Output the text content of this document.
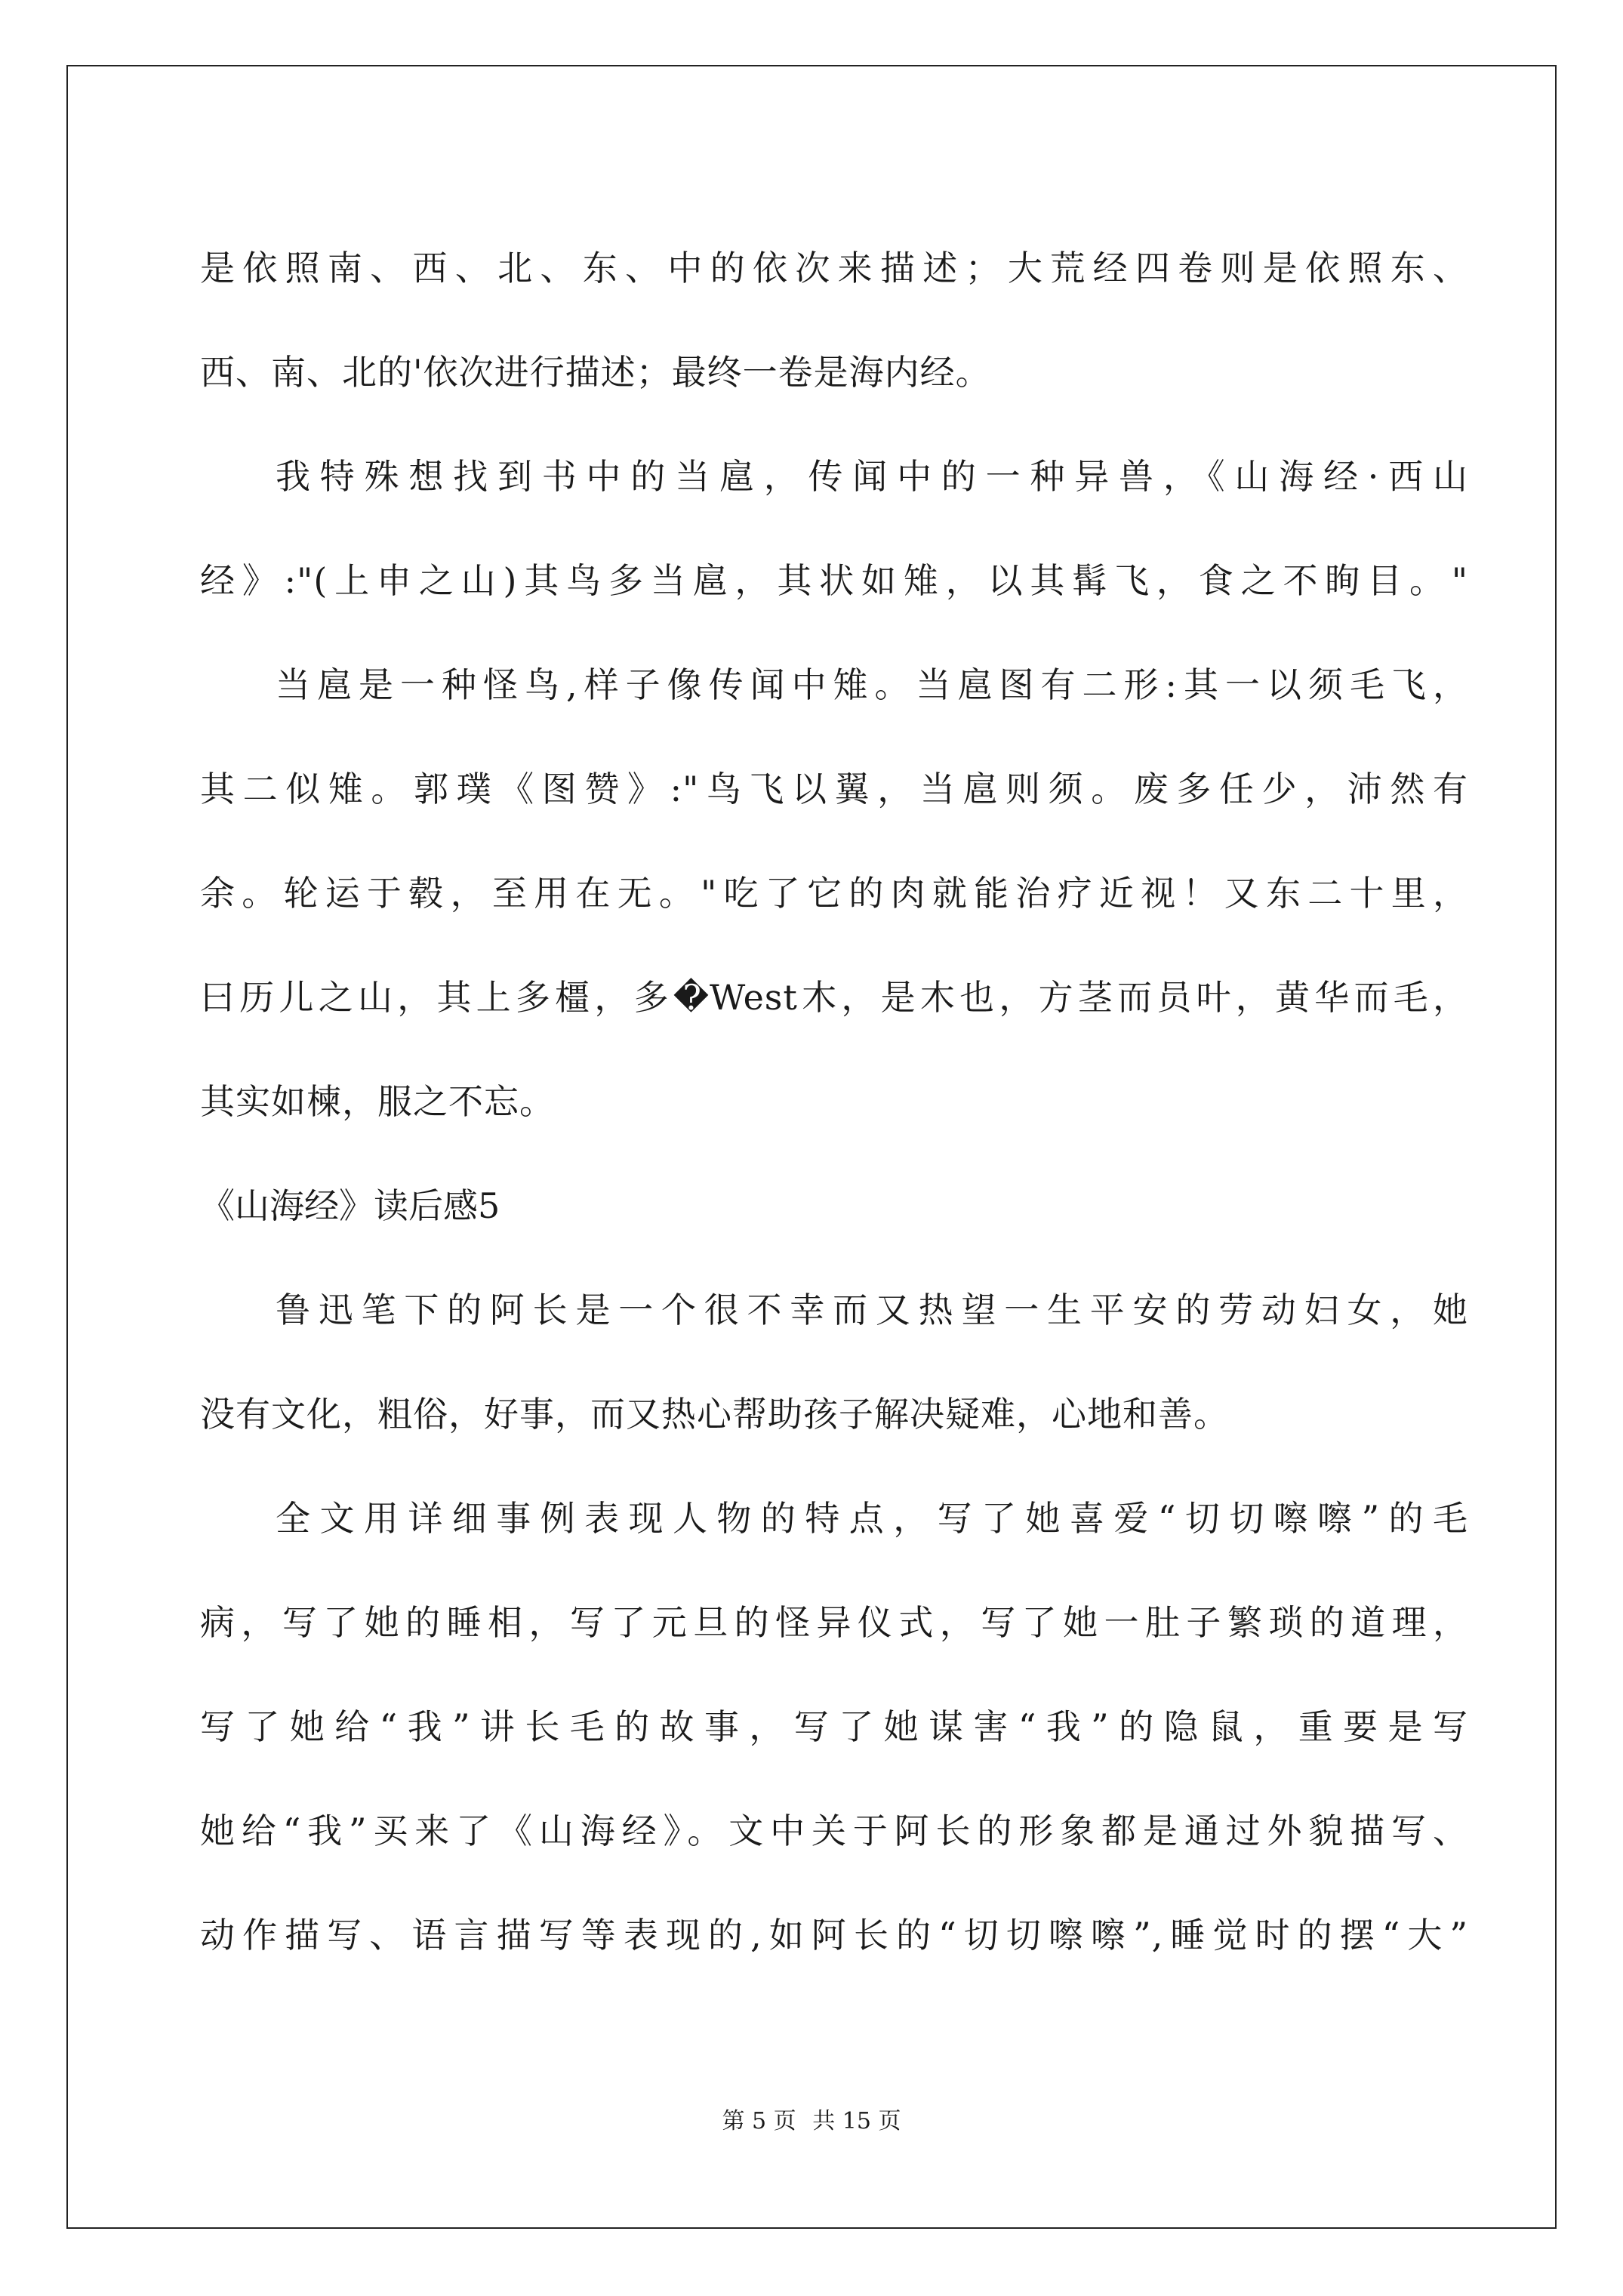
是依照南、西、北、东、中的依次来描述；大荒经四卷则是依照东、
西、南、北的'依次进行描述；最终一卷是海内经。
我特殊想找到书中的当扈，传闻中的一种异兽，《山海经·西山
经》:"(上申之山)其鸟多当扈，其状如雉，以其髯飞，食之不眴目。"
当扈是一种怪鸟,样子像传闻中雉。当扈图有二形:其一以须毛飞，
其二似雉。郭璞《图赞》:"鸟飞以翼，当扈则须。废多任少，沛然有
余。轮运于毂，至用在无。"吃了它的肉就能治疗近视！又东二十里，
曰历儿之山，其上多橿，多�West木，是木也，方茎而员叶，黄华而毛，
其实如楝，服之不忘。
《山海经》读后感5
鲁迅笔下的阿长是一个很不幸而又热望一生平安的劳动妇女，她
没有文化，粗俗，好事，而又热心帮助孩子解决疑难，心地和善。
全文用详细事例表现人物的特点，写了她喜爱“切切嚓嚓”的毛
病，写了她的睡相，写了元旦的怪异仪式，写了她一肚子繁琐的道理，
写了她给“我”讲长毛的故事，写了她谋害“我”的隐鼠，重要是写
她给“我”买来了《山海经》。文中关于阿长的形象都是通过外貌描写、
动作描写、语言描写等表现的,如阿长的“切切嚓嚓”,睡觉时的摆“大”
第 5 页 共 15 页
